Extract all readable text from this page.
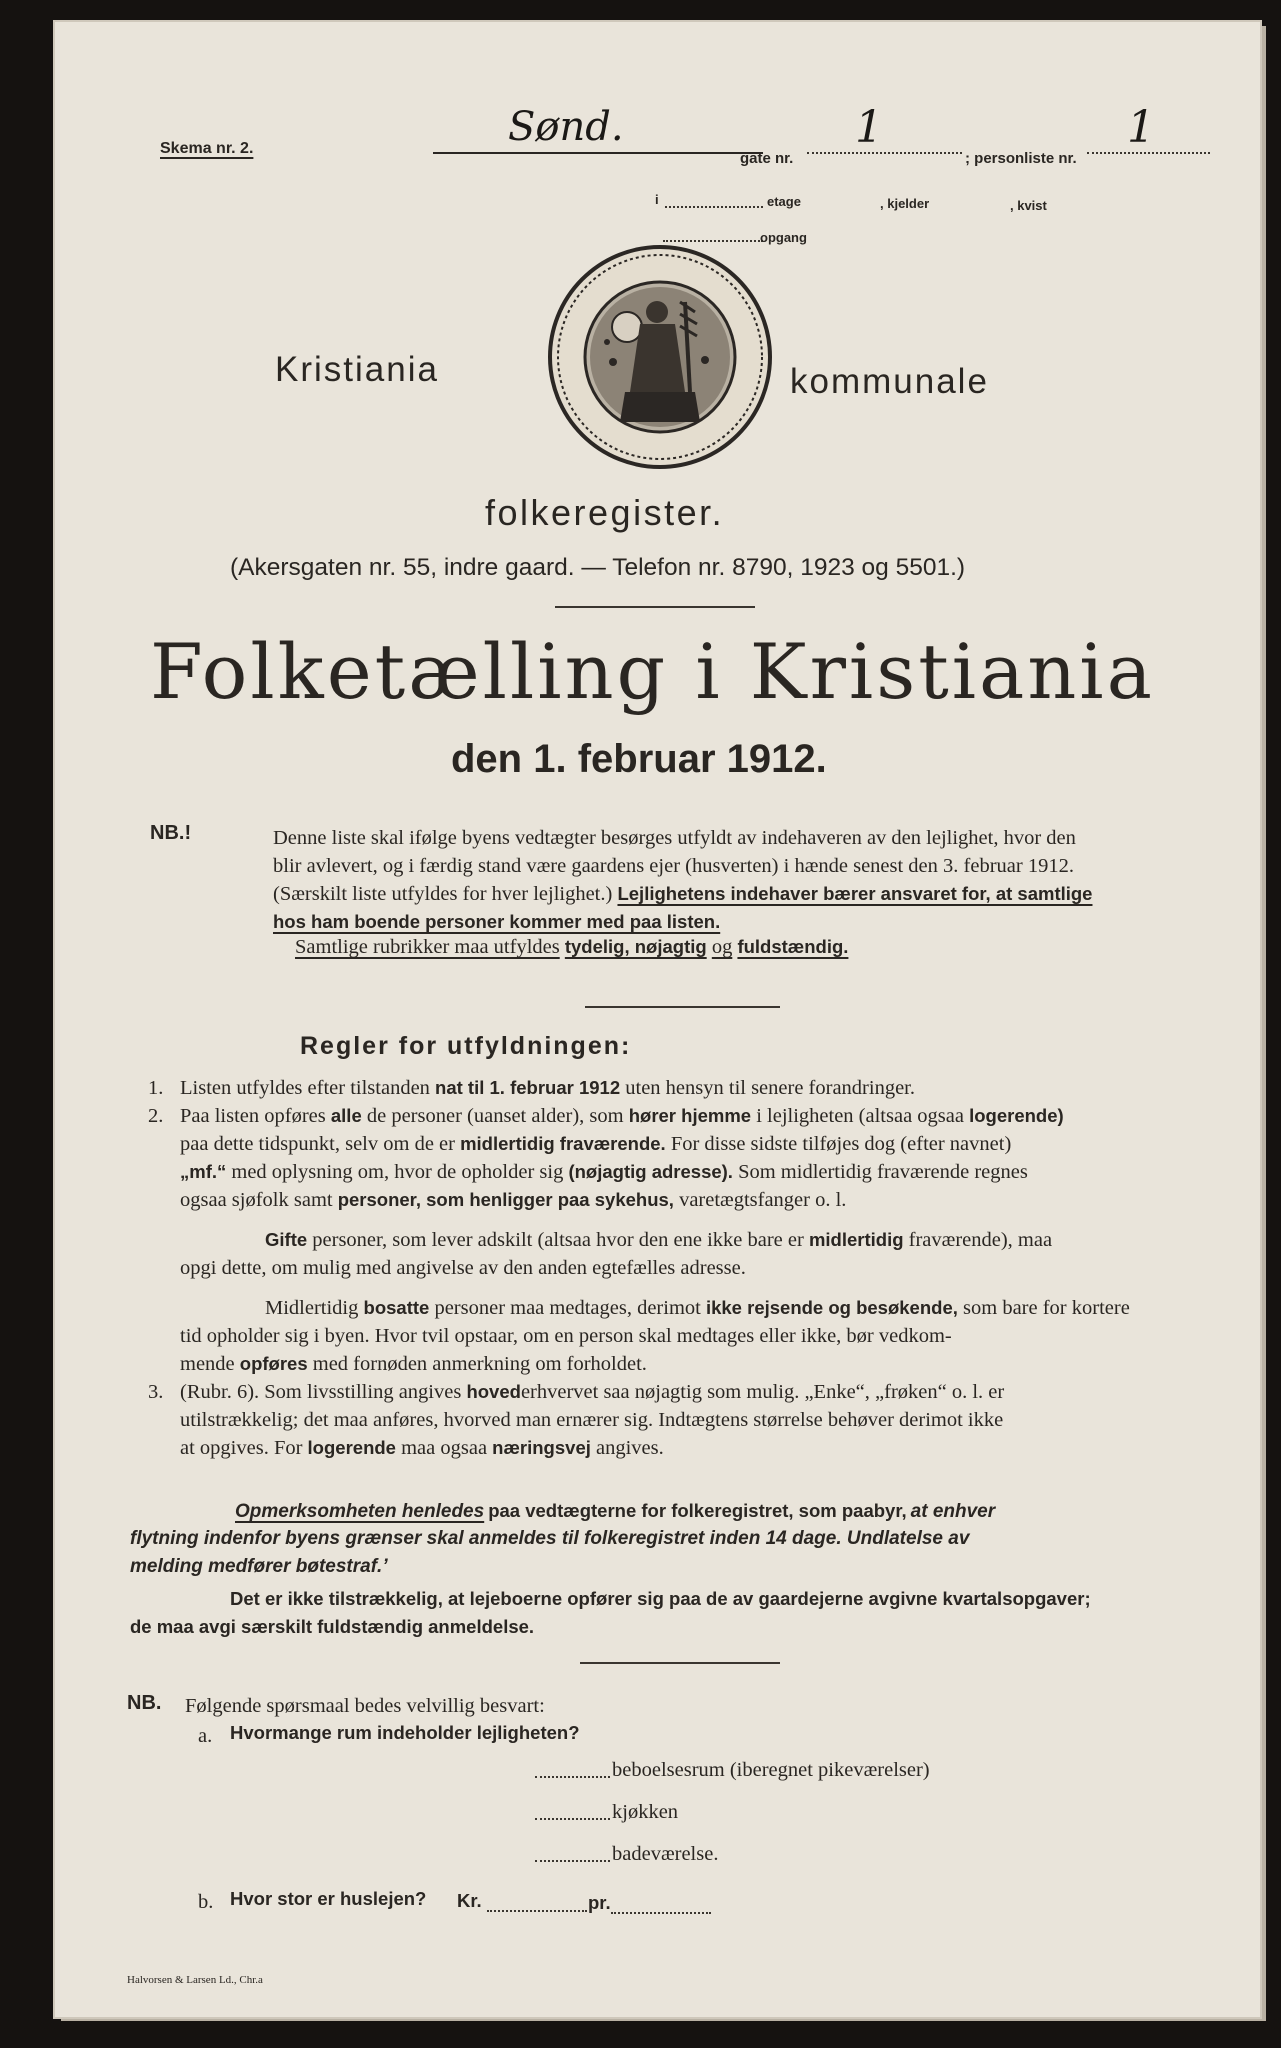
Skema nr. 2.	Sønd.
gate nr.
1
; personliste nr.
1
i	etage	, kjelder	, kvist
opgang
Kristiania	kommunale
folkeregister.
(Akersgaten nr. 55, indre gaard. — Telefon nr. 8790, 1923 og 5501.)
Folketælling i Kristiania
den 1. februar 1912.
NB.!	Denne liste skal ifølge byens vedtægter besørges utfyldt av indehaveren av den lejlighet, hvor den
blir avlevert, og i færdig stand være gaardens ejer (husverten) i hænde senest den 3. februar 1912.
(Særskilt liste utfyldes for hver lejlighet.) Lejlighetens indehaver bærer ansvaret for, at samtlige
hos ham boende personer kommer med paa listen.
Samtlige rubrikker maa utfyldes tydelig, nøjagtig og fuldstændig.
Regler for utfyldningen:
1. Listen utfyldes efter tilstanden nat til 1. februar 1912 uten hensyn til senere forandringer.
2. Paa listen opføres alle de personer (uanset alder), som hører hjemme i lejligheten (altsaa ogsaa logerende)
paa dette tidspunkt, selv om de er midlertidig fraværende. For disse sidste tilføjes dog (efter navnet)
„mf.“ med oplysning om, hvor de opholder sig (nøjagtig adresse). Som midlertidig fraværende regnes
ogsaa sjøfolk samt personer, som henligger paa sykehus, varetægtsfanger o. l.
Gifte personer, som lever adskilt (altsaa hvor den ene ikke bare er midlertidig fraværende), maa
opgi dette, om mulig med angivelse av den anden egtefælles adresse.
Midlertidig bosatte personer maa medtages, derimot ikke rejsende og besøkende, som bare for kortere
tid opholder sig i byen. Hvor tvil opstaar, om en person skal medtages eller ikke, bør vedkom-
mende opføres med fornøden anmerkning om forholdet.
3. (Rubr. 6). Som livsstilling angives hovederhvervet saa nøjagtig som mulig. „Enke“, „frøken“ o. l. er
utilstrækkelig; det maa anføres, hvorved man ernærer sig. Indtægtens størrelse behøver derimot ikke
at opgives. For logerende maa ogsaa næringsvej angives.
Opmerksomheten henledes paa vedtægterne for folkeregistret, som paabyr, at enhver
flytning indenfor byens grænser skal anmeldes til folkeregistret inden 14 dage. Undlatelse av
melding medfører bøtestraf.’
Det er ikke tilstrækkelig, at lejeboerne opfører sig paa de av gaardejerne avgivne kvartalsopgaver;
de maa avgi særskilt fuldstændig anmeldelse.
NB. Følgende spørsmaal bedes velvillig besvart:
a. Hvormange rum indeholder lejligheten?
beboelsesrum (iberegnet pikeværelser)
kjøkken
badeværelse.
b. Hvor stor er huslejen? Kr.	pr.
Halvorsen & Larsen Ld., Chr.a
